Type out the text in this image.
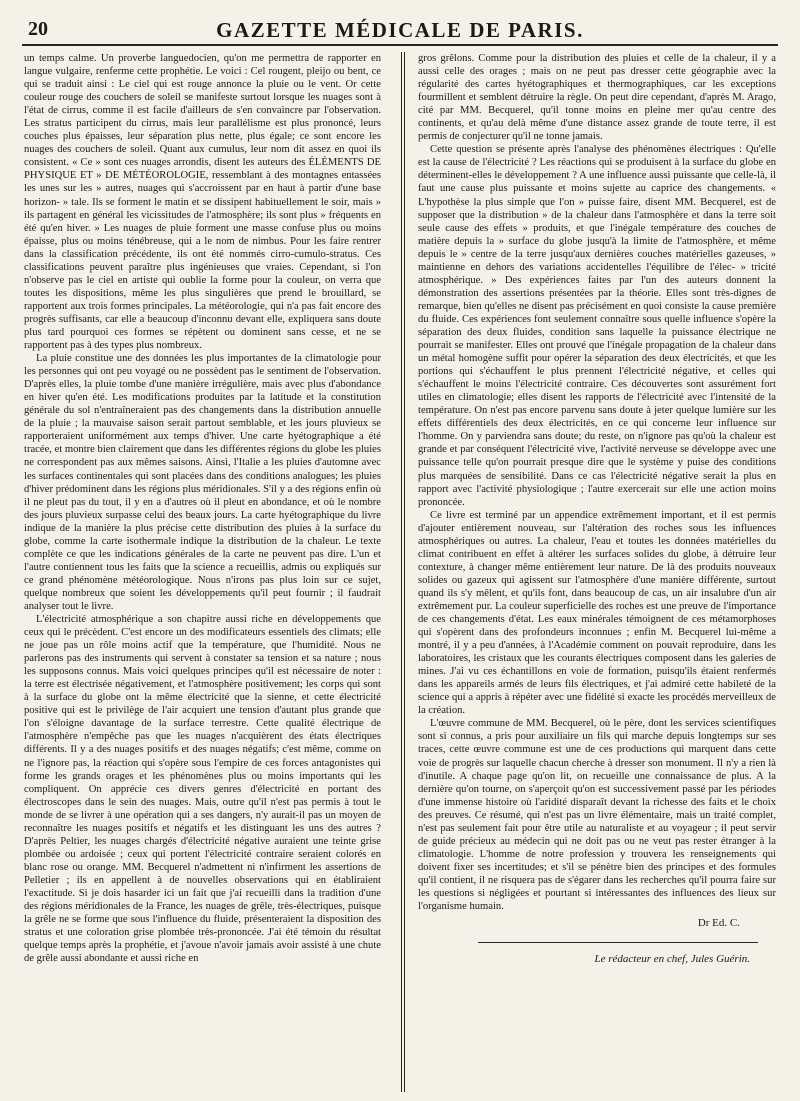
20	GAZETTE MÉDICALE DE PARIS.

un temps calme. Un proverbe languedocien, qu'on me permettra de rapporter en langue vulgaire, renferme cette prophétie. Le voici : Cel rougent, pleijo ou bent, ce qui se traduit ainsi : Le ciel qui est rouge annonce la pluie ou le vent. Or cette couleur rouge des couchers de soleil se manifeste surtout lorsque les nuages sont à l'état de cirrus, comme il est facile d'ailleurs de s'en convaincre par l'observation. Les stratus participent du cirrus, mais leur parallélisme est plus prononcé, leurs couches plus épaisses, leur séparation plus nette, plus égale; ce sont encore les nuages des couchers de soleil. Quant aux cumulus, leur nom dit assez en quoi ils consistent. « Ce » sont ces nuages arrondis, disent les auteurs des ÉLÉMENTS DE PHYSIQUE ET » DE MÉTÉOROLOGIE, ressemblant à des montagnes entassées les unes sur les » autres, nuages qui s'accroissent par en haut à partir d'une base horizon- » tale. Ils se forment le matin et se dissipent habituellement le soir, mais » ils partagent en général les vicissitudes de l'atmosphère; ils sont plus » fréquents en été qu'en hiver. » Les nuages de pluie forment une masse confuse plus ou moins épaisse, plus ou moins ténébreuse, qui a le nom de nimbus. Pour les faire rentrer dans la classification précédente, ils ont été nommés cirro-cumulo-stratus. Ces classifications peuvent paraître plus ingénieuses que vraies. Cependant, si l'on n'observe pas le ciel en artiste qui oublie la forme pour la couleur, on verra que toutes les dispositions, même les plus singulières que prend le brouillard, se rapportent aux trois formes principales. La météorologie, qui n'a pas fait encore des progrès suffisants, car elle a beaucoup d'inconnu devant elle, expliquera sans doute plus tard pourquoi ces formes se répètent ou dominent sans cesse, et ne se rapportent pas à des types plus nombreux.

La pluie constitue une des données les plus importantes de la climatologie pour les personnes qui ont peu voyagé ou ne possèdent pas le sentiment de l'observation. D'après elles, la pluie tombe d'une manière irrégulière, mais avec plus d'abondance en hiver qu'en été. Les modifications produites par la latitude et la constitution générale du sol n'entraîneraient pas des changements dans la distribution annuelle de la pluie ; la mauvaise saison serait partout semblable, et les jours pluvieux se rapporteraient uniformément aux temps d'hiver. Une carte hyétographique a été tracée, et montre bien clairement que dans les différentes régions du globe les pluies ne correspondent pas aux mêmes saisons. Ainsi, l'Italie a les pluies d'automne avec les surfaces continentales qui sont placées dans des conditions analogues; les pluies d'hiver prédominent dans les régions plus méridionales. S'il y a des régions enfin où il ne pleut pas du tout, il y en a d'autres où il pleut en abondance, et où le nombre des jours pluvieux surpasse celui des beaux jours. La carte hyétographique du livre indique de la manière la plus précise cette distribution des pluies à la surface du globe, comme la carte isothermale indique la distribution de la chaleur. Le texte complète ce que les indications générales de la carte ne peuvent pas dire. L'un et l'autre contiennent tous les faits que la science a recueillis, admis ou expliqués sur ce grand phénomène météorologique. Nous n'irons pas plus loin sur ce sujet, quelque nombreux que soient les développements qu'il peut fournir ; il faudrait analyser tout le livre.

L'électricité atmosphérique a son chapitre aussi riche en développements que ceux qui le précèdent. C'est encore un des modificateurs essentiels des climats; elle ne joue pas un rôle moins actif que la température, que l'humidité. Nous ne parlerons pas des instruments qui servent à constater sa tension et sa nature ; nous les supposons connus. Mais voici quelques principes qu'il est nécessaire de noter : la terre est électrisée négativement, et l'atmosphère positivement; les corps qui sont à la surface du globe ont la même électricité que la sienne, et cette électricité positive qui est le privilège de l'air acquiert une tension d'autant plus grande que l'on s'éloigne davantage de la surface terrestre. Cette qualité électrique de l'atmosphère n'empêche pas que les nuages n'acquièrent des états électriques différents. Il y a des nuages positifs et des nuages négatifs; c'est même, comme on ne l'ignore pas, la réaction qui s'opère sous l'empire de ces forces antagonistes qui forme les grands orages et les phénomènes plus ou moins importants qui les compliquent. On apprécie ces divers genres d'électricité en portant des électroscopes dans le sein des nuages. Mais, outre qu'il n'est pas permis à tout le monde de se livrer à une opération qui a ses dangers, n'y aurait-il pas un moyen de reconnaître les nuages positifs et négatifs et les distinguant les uns des autres ? D'après Peltier, les nuages chargés d'électricité négative auraient une teinte grise plombée ou ardoisée ; ceux qui portent l'électricité contraire seraient colorés en blanc rose ou orange. MM. Becquerel n'admettent ni n'infirment les assertions de Pelletier ; ils en appellent à de nouvelles observations qui en établiraient l'exactitude. Si je dois hasarder ici un fait que j'ai recueilli dans la tradition d'une des régions méridionales de la France, les nuages de grêle, très-électriques, puisque la grêle ne se forme que sous l'influence du fluide, présenteraient la disposition des stratus et une coloration grise plombée très-prononcée. J'ai été témoin du résultat quelque temps après la prophétie, et j'avoue n'avoir jamais avoir assisté à une chute de grêle aussi abondante et aussi riche en

gros grêlons. Comme pour la distribution des pluies et celle de la chaleur, il y a aussi celle des orages ; mais on ne peut pas dresser cette géographie avec la régularité des cartes hyétographiques et thermographiques, car les exceptions fourmillent et semblent détruire la règle. On peut dire cependant, d'après M. Arago, cité par MM. Becquerel, qu'il tonne moins en pleine mer qu'au centre des continents, et qu'au delà même d'une distance assez grande de toute terre, il est permis de conjecturer qu'il ne tonne jamais.

Cette question se présente après l'analyse des phénomènes électriques : Qu'elle est la cause de l'électricité ? Les réactions qui se produisent à la surface du globe en déterminent-elles le développement ? A une influence aussi puissante que celle-là, il faut une cause plus puissante et moins sujette au caprice des changements. « L'hypothèse la plus simple que l'on » puisse faire, disent MM. Becquerel, est de supposer que la distribution » de la chaleur dans l'atmosphère et dans la terre soit seule cause des effets » produits, et que l'inégale température des couches de matière depuis la » surface du globe jusqu'à la limite de l'atmosphère, et même depuis le » centre de la terre jusqu'aux dernières couches matérielles gazeuses, » maintienne en dehors des variations accidentelles l'équilibre de l'élec- » tricité atmosphérique. » Des expériences faites par l'un des auteurs donnent la démonstration des assertions présentées par la théorie. Elles sont très-dignes de remarque, bien qu'elles ne disent pas précisément en quoi consiste la cause première du fluide. Ces expériences font seulement connaître sous quelle influence s'opère la séparation des deux fluides, condition sans laquelle la puissance électrique ne pourrait se manifester. Elles ont prouvé que l'inégale propagation de la chaleur dans un métal homogène suffit pour opérer la séparation des deux électricités, et que les portions qui s'échauffent le plus prennent l'électricité négative, et celles qui s'échauffent le moins l'électricité contraire. Ces découvertes sont assurément fort utiles en climatologie; elles disent les rapports de l'électricité avec l'intensité de la température. On n'est pas encore parvenu sans doute à jeter quelque lumière sur les effets différentiels des deux électricités, en ce qui concerne leur influence sur l'homme. On y parviendra sans doute; du reste, on n'ignore pas qu'où la chaleur est grande et par conséquent l'électricité vive, l'activité nerveuse se développe avec une puissance telle qu'on pourrait presque dire que le système y puise des conditions plus marquées de sensibilité. Dans ce cas l'électricité négative serait la plus en rapport avec l'activité physiologique ; l'autre exercerait sur elle une action moins prononcée.

Ce livre est terminé par un appendice extrêmement important, et il est permis d'ajouter entièrement nouveau, sur l'altération des roches sous les influences atmosphériques ou autres. La chaleur, l'eau et toutes les données matérielles du climat contribuent en effet à altérer les surfaces solides du globe, à détruire leur contexture, à changer même entièrement leur nature. De là des produits nouveaux solides ou gazeux qui agissent sur l'atmosphère d'une manière différente, surtout quand ils s'y mêlent, et qu'ils font, dans beaucoup de cas, un air insalubre d'un air extrêmement pur. La couleur superficielle des roches est une preuve de l'importance de ces changements d'état. Les eaux minérales témoignent de ces métamorphoses qui s'opèrent dans des profondeurs inconnues ; enfin M. Becquerel lui-même a montré, il y a peu d'années, à l'Académie comment on pouvait reproduire, dans les laboratoires, les cristaux que les courants électriques composent dans les galeries de mines. J'ai vu ces échantillons en voie de formation, puisqu'ils étaient renfermés dans les appareils armés de leurs fils électriques, et j'ai admiré cette habileté de la science qui a appris à répéter avec une fidélité si exacte les procédés merveilleux de la création.

L'œuvre commune de MM. Becquerel, où le père, dont les services scientifiques sont si connus, a pris pour auxiliaire un fils qui marche depuis longtemps sur ses traces, cette œuvre commune est une de ces productions qui marquent dans cette voie de progrès sur laquelle chacun cherche à dresser son monument. Il n'y a rien là d'inutile. A chaque page qu'on lit, on recueille une connaissance de plus. A la dernière qu'on tourne, on s'aperçoit qu'on est successivement passé par les périodes d'une immense histoire où l'aridité disparaît devant la richesse des faits et le choix des preuves. Ce résumé, qui n'est pas un livre élémentaire, mais un traité complet, n'est pas seulement fait pour être utile au naturaliste et au voyageur ; il peut servir de guide précieux au médecin qui ne doit pas ou ne veut pas rester étranger à la climatologie. L'homme de notre profession y trouvera les renseignements qui doivent fixer ses incertitudes; et s'il se pénètre bien des principes et des formules qu'il contient, il ne risquera pas de s'égarer dans les recherches qu'il pourra faire sur les questions si négligées et pourtant si intéressantes des influences des lieux sur l'organisme humain.

Dr Ed. C.
Le rédacteur en chef, Jules Guérin.
